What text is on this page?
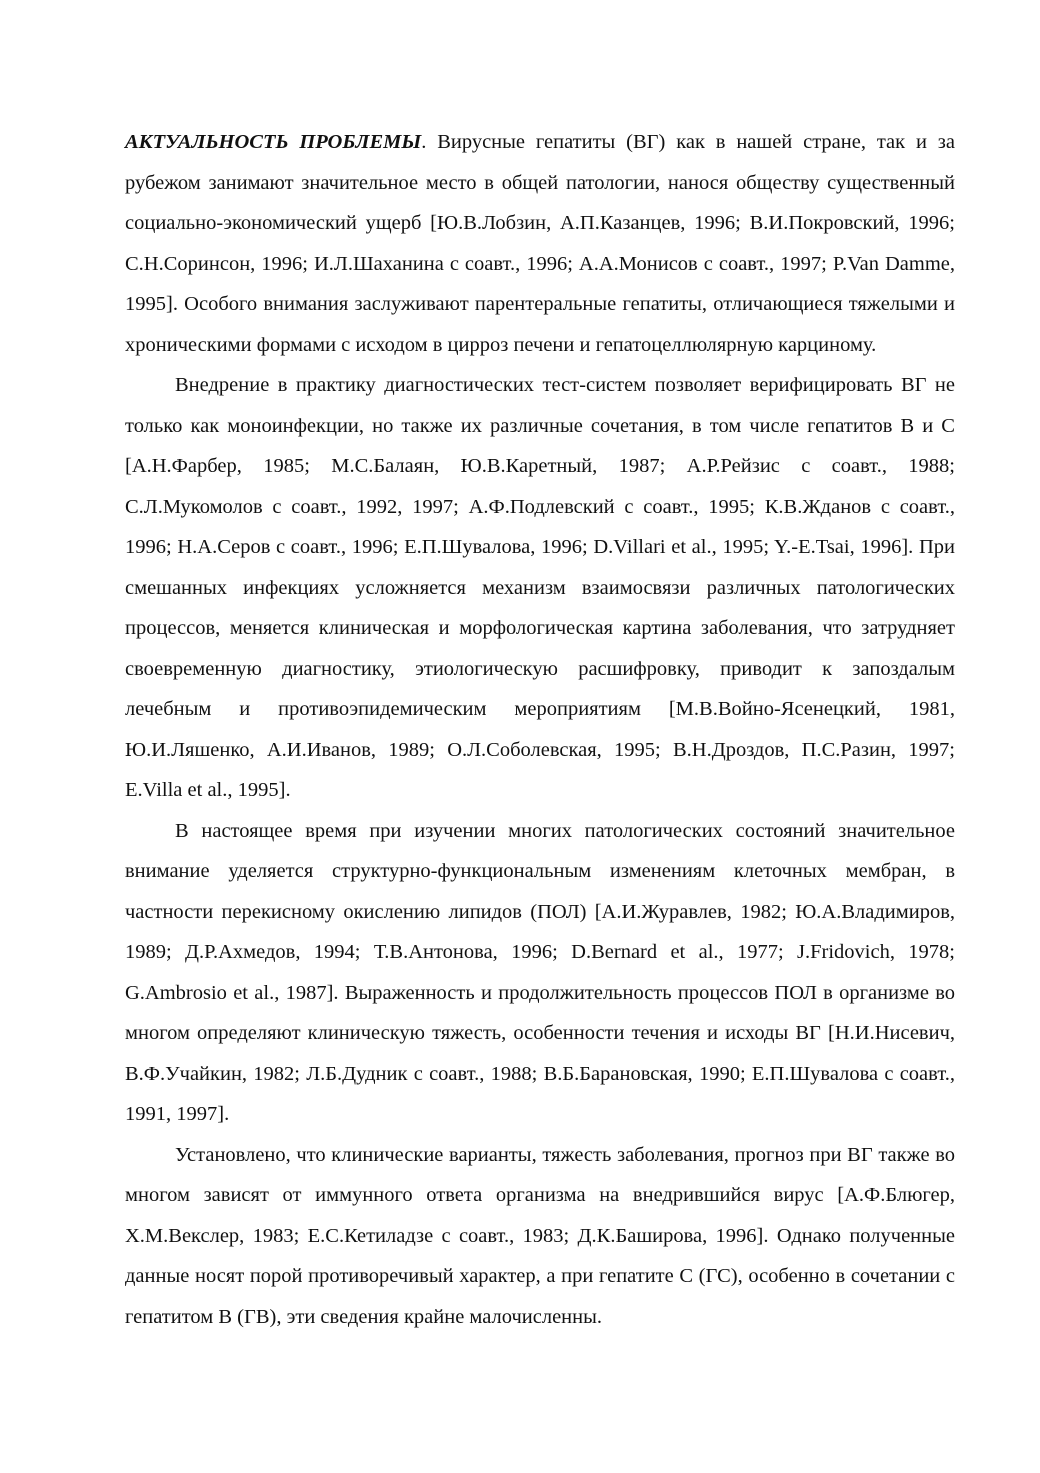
АКТУАЛЬНОСТЬ ПРОБЛЕМЫ. Вирусные гепатиты (ВГ) как в нашей стране, так и за рубежом занимают значительное место в общей патологии, нанося обществу существенный социально-экономический ущерб [Ю.В.Лобзин, А.П.Казанцев, 1996; В.И.Покровский, 1996; С.Н.Соринсон, 1996; И.Л.Шаханина с соавт., 1996; А.А.Монисов с соавт., 1997; P.Van Damme, 1995]. Особого внимания заслуживают парентеральные гепатиты, отличающиеся тяжелыми и хроническими формами с исходом в цирроз печени и гепатоцеллюлярную карциному.

Внедрение в практику диагностических тест-систем позволяет верифицировать ВГ не только как моноинфекции, но также их различные сочетания, в том числе гепатитов В и С [А.Н.Фарбер, 1985; М.С.Балаян, Ю.В.Каретный, 1987; А.Р.Рейзис с соавт., 1988; С.Л.Мукомолов с соавт., 1992, 1997; А.Ф.Подлевский с соавт., 1995; К.В.Жданов с соавт., 1996; Н.А.Серов с соавт., 1996; Е.П.Шувалова, 1996; D.Villari et al., 1995; Y.-E.Tsai, 1996]. При смешанных инфекциях усложняется механизм взаимосвязи различных патологических процессов, меняется клиническая и морфологическая картина заболевания, что затрудняет своевременную диагностику, этиологическую расшифровку, приводит к запоздалым лечебным и противоэпидемическим мероприятиям [М.В.Войно-Ясенецкий, 1981, Ю.И.Ляшенко, А.И.Иванов, 1989; О.Л.Соболевская, 1995; В.Н.Дроздов, П.С.Разин, 1997; E.Villa et al., 1995].

В настоящее время при изучении многих патологических состояний значительное внимание уделяется структурно-функциональным изменениям клеточных мембран, в частности перекисному окислению липидов (ПОЛ) [А.И.Журавлев, 1982; Ю.А.Владимиров, 1989; Д.Р.Ахмедов, 1994; Т.В.Антонова, 1996; D.Bernard et al., 1977; J.Fridovich, 1978; G.Ambrosio et al., 1987]. Выраженность и продолжительность процессов ПОЛ в организме во многом определяют клиническую тяжесть, особенности течения и исходы ВГ [Н.И.Нисевич, В.Ф.Учайкин, 1982; Л.Б.Дудник с соавт., 1988; В.Б.Барановская, 1990; Е.П.Шувалова с соавт., 1991, 1997].

Установлено, что клинические варианты, тяжесть заболевания, прогноз при ВГ также во многом зависят от иммунного ответа организма на внедрившийся вирус [А.Ф.Блюгер, Х.М.Векслер, 1983; Е.С.Кетиладзе с соавт., 1983; Д.К.Баширова, 1996]. Однако полученные данные носят порой противоречивый характер, а при гепатите С (ГС), особенно в сочетании с гепатитом В (ГВ), эти сведения крайне малочисленны.
